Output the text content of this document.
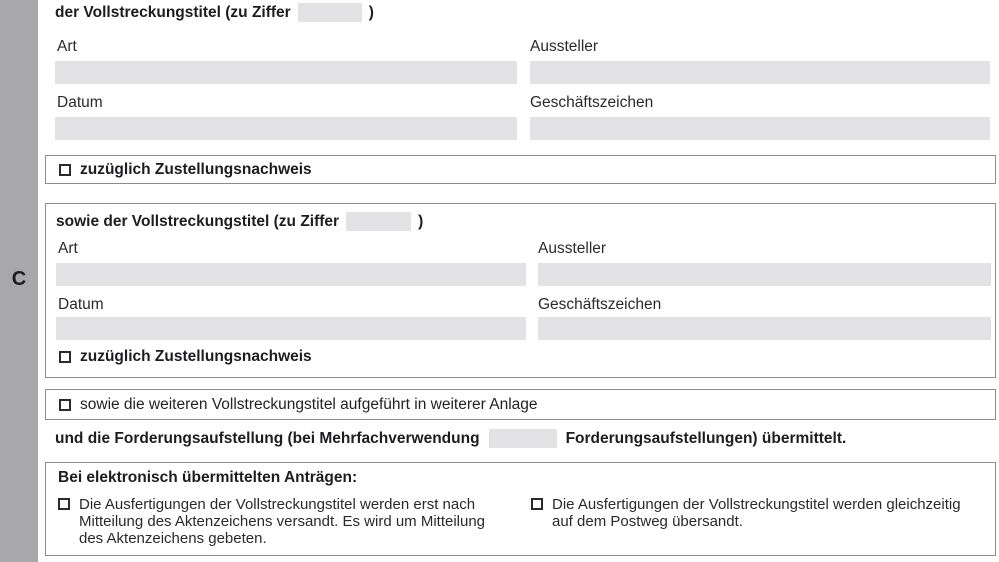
C
der Vollstreckungstitel (zu Ziffer	)
Art	Aussteller
Datum	Geschäftszeichen
zuzüglich Zustellungsnachweis
sowie der Vollstreckungstitel (zu Ziffer	)
Art	Aussteller
Datum	Geschäftszeichen
zuzüglich Zustellungsnachweis
sowie die weiteren Vollstreckungstitel aufgeführt in weiterer Anlage
und die Forderungsaufstellung (bei Mehrfachverwendung	Forderungsaufstellungen) übermittelt.
Bei elektronisch übermittelten Anträgen:
Die Ausfertigungen der Vollstreckungstitel werden erst nach Mitteilung des Aktenzeichens versandt. Es wird um Mitteilung des Aktenzeichens gebeten.
Die Ausfertigungen der Vollstreckungstitel werden gleichzeitig auf dem Postweg übersandt.
